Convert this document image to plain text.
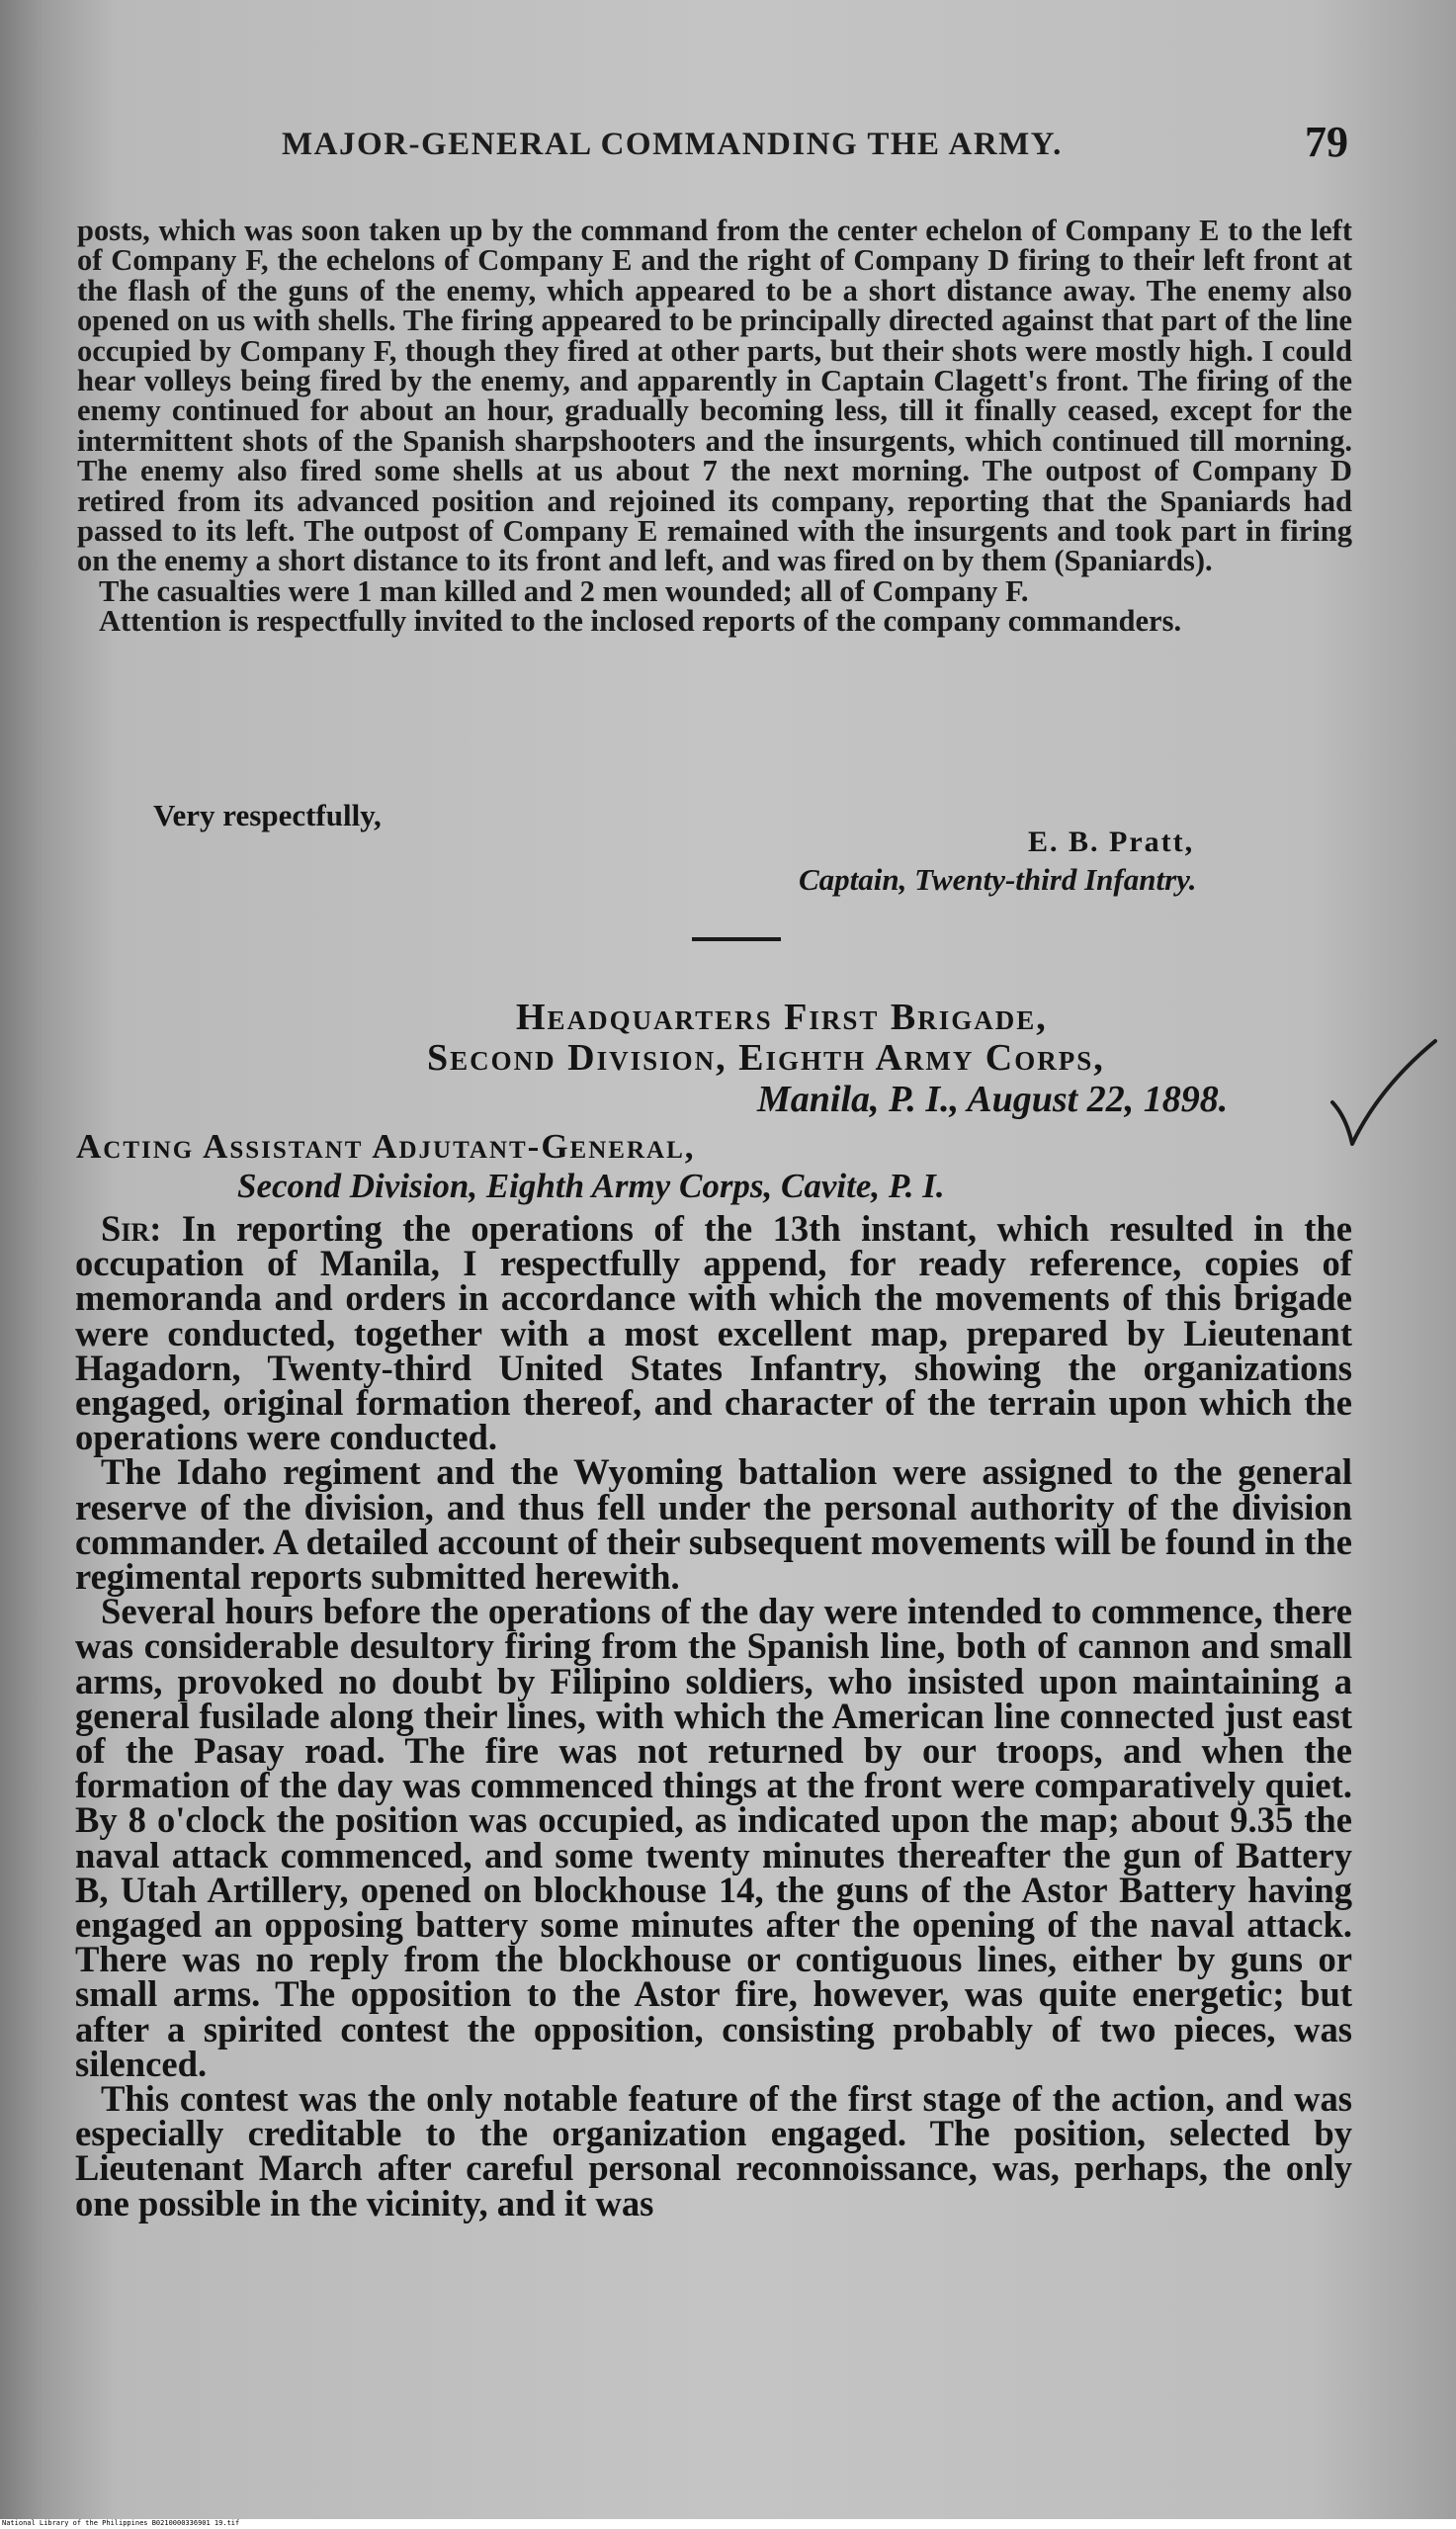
MAJOR-GENERAL COMMANDING THE ARMY.	79

posts, which was soon taken up by the command from the center echelon of Company E to the left of Company F, the echelons of Company E and the right of Company D firing to their left front at the flash of the guns of the enemy, which appeared to be a short distance away. The enemy also opened on us with shells. The firing appeared to be principally directed against that part of the line occupied by Company F, though they fired at other parts, but their shots were mostly high. I could hear volleys being fired by the enemy, and apparently in Captain Clagett's front. The firing of the enemy continued for about an hour, gradually becoming less, till it finally ceased, except for the intermittent shots of the Spanish sharpshooters and the insurgents, which continued till morning. The enemy also fired some shells at us about 7 the next morning. The outpost of Company D retired from its advanced position and rejoined its company, reporting that the Spaniards had passed to its left. The outpost of Company E remained with the insurgents and took part in firing on the enemy a short distance to its front and left, and was fired on by them (Spaniards).

The casualties were 1 man killed and 2 men wounded; all of Company F.

Attention is respectfully invited to the inclosed reports of the company commanders.

Very respectfully,
E. B. Pratt,
Captain, Twenty-third Infantry.
Headquarters First Brigade,
Second Division, Eighth Army Corps,
Manila, P. I., August 22, 1898.
Acting Assistant Adjutant-General,
Second Division, Eighth Army Corps, Cavite, P. I.

Sir: In reporting the operations of the 13th instant, which resulted in the occupation of Manila, I respectfully append, for ready reference, copies of memoranda and orders in accordance with which the movements of this brigade were conducted, together with a most excellent map, prepared by Lieutenant Hagadorn, Twenty-third United States Infantry, showing the organizations engaged, original formation thereof, and character of the terrain upon which the operations were conducted.

The Idaho regiment and the Wyoming battalion were assigned to the general reserve of the division, and thus fell under the personal authority of the division commander. A detailed account of their subsequent movements will be found in the regimental reports submitted herewith.

Several hours before the operations of the day were intended to commence, there was considerable desultory firing from the Spanish line, both of cannon and small arms, provoked no doubt by Filipino soldiers, who insisted upon maintaining a general fusilade along their lines, with which the American line connected just east of the Pasay road. The fire was not returned by our troops, and when the formation of the day was commenced things at the front were comparatively quiet. By 8 o'clock the position was occupied, as indicated upon the map; about 9.35 the naval attack commenced, and some twenty minutes thereafter the gun of Battery B, Utah Artillery, opened on blockhouse 14, the guns of the Astor Battery having engaged an opposing battery some minutes after the opening of the naval attack. There was no reply from the blockhouse or contiguous lines, either by guns or small arms. The opposition to the Astor fire, however, was quite energetic; but after a spirited contest the opposition, consisting probably of two pieces, was silenced.

This contest was the only notable feature of the first stage of the action, and was especially creditable to the organization engaged. The position, selected by Lieutenant March after careful personal reconnoissance, was, perhaps, the only one possible in the vicinity, and it was

National Library of the Philippines B0210000336901 19.tif
